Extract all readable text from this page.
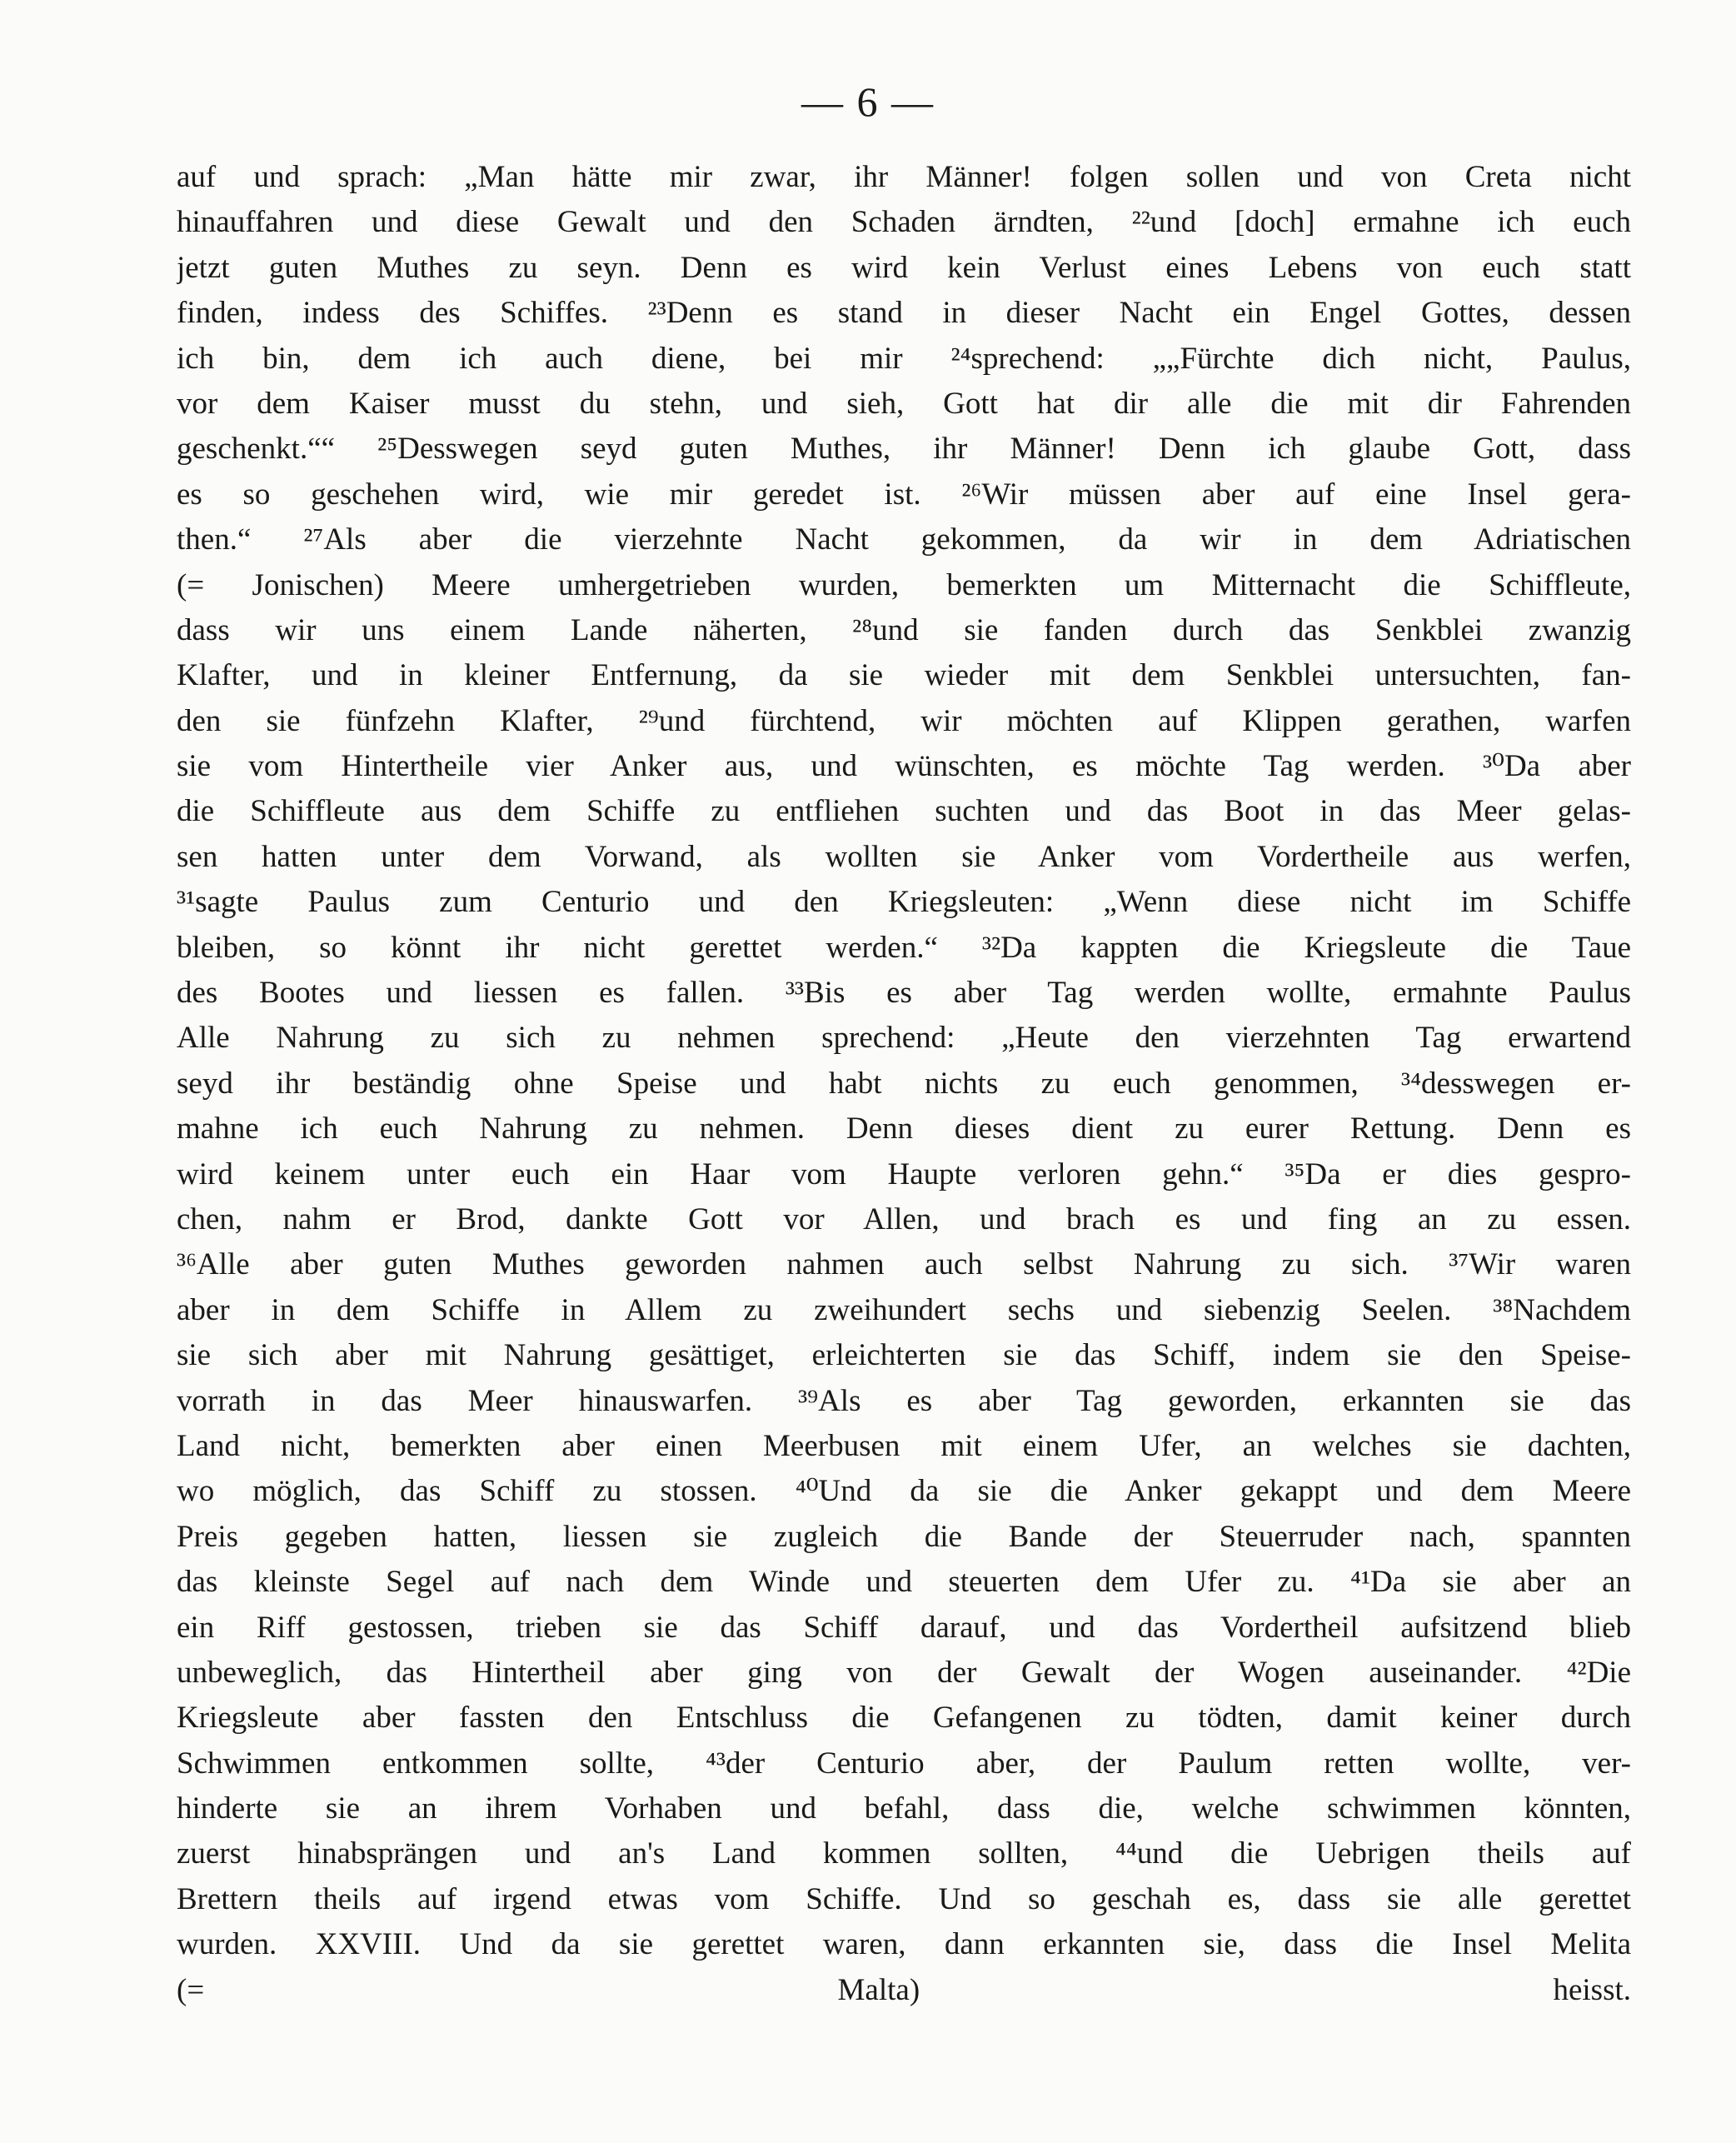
— 6 —
auf und sprach: „Man hätte mir zwar, ihr Männer! folgen sollen und von Creta nicht
hinauffahren und diese Gewalt und den Schaden ärndten, ²²und [doch] ermahne ich euch
jetzt guten Muthes zu seyn. Denn es wird kein Verlust eines Lebens von euch statt
finden, indess des Schiffes. ²³Denn es stand in dieser Nacht ein Engel Gottes, dessen
ich bin, dem ich auch diene, bei mir ²⁴sprechend: „„Fürchte dich nicht, Paulus,
vor dem Kaiser musst du stehn, und sieh, Gott hat dir alle die mit dir Fahrenden
geschenkt.““ ²⁵Desswegen seyd guten Muthes, ihr Männer! Denn ich glaube Gott, dass
es so geschehen wird, wie mir geredet ist. ²⁶Wir müssen aber auf eine Insel gera-
then.“ ²⁷Als aber die vierzehnte Nacht gekommen, da wir in dem Adriatischen
(= Jonischen) Meere umhergetrieben wurden, bemerkten um Mitternacht die Schiffleute,
dass wir uns einem Lande näherten, ²⁸und sie fanden durch das Senkblei zwanzig
Klafter, und in kleiner Entfernung, da sie wieder mit dem Senkblei untersuchten, fan-
den sie fünfzehn Klafter, ²⁹und fürchtend, wir möchten auf Klippen gerathen, warfen
sie vom Hintertheile vier Anker aus, und wünschten, es möchte Tag werden. ³⁰Da aber
die Schiffleute aus dem Schiffe zu entfliehen suchten und das Boot in das Meer gelas-
sen hatten unter dem Vorwand, als wollten sie Anker vom Vordertheile aus werfen,
³¹sagte Paulus zum Centurio und den Kriegsleuten: „Wenn diese nicht im Schiffe
bleiben, so könnt ihr nicht gerettet werden.“ ³²Da kappten die Kriegsleute die Taue
des Bootes und liessen es fallen. ³³Bis es aber Tag werden wollte, ermahnte Paulus
Alle Nahrung zu sich zu nehmen sprechend: „Heute den vierzehnten Tag erwartend
seyd ihr beständig ohne Speise und habt nichts zu euch genommen, ³⁴desswegen er-
mahne ich euch Nahrung zu nehmen. Denn dieses dient zu eurer Rettung. Denn es
wird keinem unter euch ein Haar vom Haupte verloren gehn.“ ³⁵Da er dies gespro-
chen, nahm er Brod, dankte Gott vor Allen, und brach es und fing an zu essen.
³⁶Alle aber guten Muthes geworden nahmen auch selbst Nahrung zu sich. ³⁷Wir waren
aber in dem Schiffe in Allem zu zweihundert sechs und siebenzig Seelen. ³⁸Nachdem
sie sich aber mit Nahrung gesättiget, erleichterten sie das Schiff, indem sie den Speise-
vorrath in das Meer hinauswarfen. ³⁹Als es aber Tag geworden, erkannten sie das
Land nicht, bemerkten aber einen Meerbusen mit einem Ufer, an welches sie dachten,
wo möglich, das Schiff zu stossen. ⁴⁰Und da sie die Anker gekappt und dem Meere
Preis gegeben hatten, liessen sie zugleich die Bande der Steuerruder nach, spannten
das kleinste Segel auf nach dem Winde und steuerten dem Ufer zu. ⁴¹Da sie aber an
ein Riff gestossen, trieben sie das Schiff darauf, und das Vordertheil aufsitzend blieb
unbeweglich, das Hintertheil aber ging von der Gewalt der Wogen auseinander. ⁴²Die
Kriegsleute aber fassten den Entschluss die Gefangenen zu tödten, damit keiner durch
Schwimmen entkommen sollte, ⁴³der Centurio aber, der Paulum retten wollte, ver-
hinderte sie an ihrem Vorhaben und befahl, dass die, welche schwimmen könnten,
zuerst hinabsprängen und an's Land kommen sollten, ⁴⁴und die Uebrigen theils auf
Brettern theils auf irgend etwas vom Schiffe. Und so geschah es, dass sie alle gerettet
wurden. XXVIII. Und da sie gerettet waren, dann erkannten sie, dass die Insel Melita
(= Malta) heisst.
